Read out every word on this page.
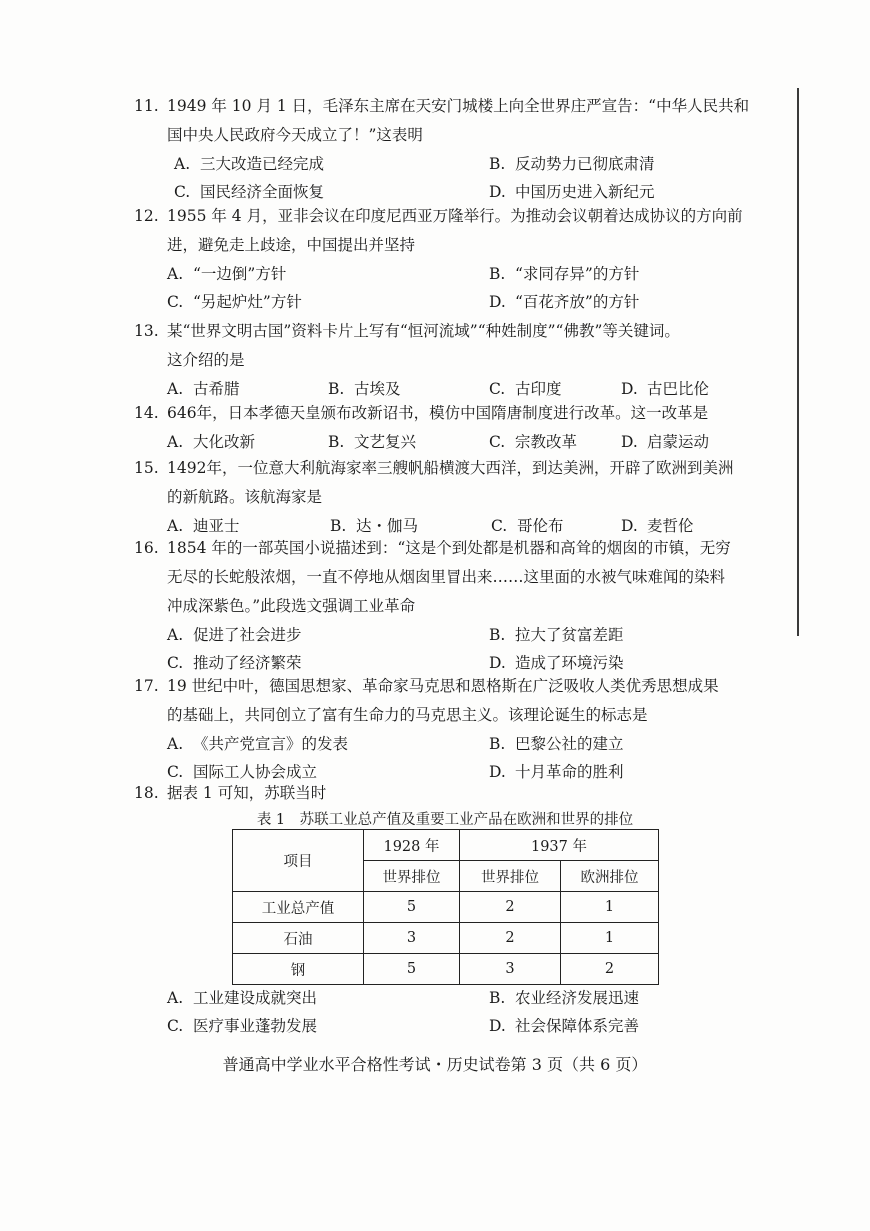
11. 1949 年 10 月 1 日，毛泽东主席在天安门城楼上向全世界庄严宣告：“中华人民共和
国中央人民政府今天成立了！”这表明
A. 三大改造已经完成	B. 反动势力已彻底肃清
C. 国民经济全面恢复	D. 中国历史进入新纪元
12. 1955 年 4 月，亚非会议在印度尼西亚万隆举行。为推动会议朝着达成协议的方向前
进，避免走上歧途，中国提出并坚持
A. “一边倒”方针	B. “求同存异”的方针
C. “另起炉灶”方针	D. “百花齐放”的方针
13. 某“世界文明古国”资料卡片上写有“恒河流域”“种姓制度”“佛教”等关键词。
这介绍的是
A. 古希腊	B. 古埃及	C. 古印度	D. 古巴比伦
14. 646年，日本孝德天皇颁布改新诏书，模仿中国隋唐制度进行改革。这一改革是
A. 大化改新	B. 文艺复兴	C. 宗教改革	D. 启蒙运动
15. 1492年，一位意大利航海家率三艘帆船横渡大西洋，到达美洲，开辟了欧洲到美洲
的新航路。该航海家是
A. 迪亚士	B. 达・伽马	C. 哥伦布	D. 麦哲伦
16. 1854 年的一部英国小说描述到：“这是个到处都是机器和高耸的烟囱的市镇，无穷
无尽的长蛇般浓烟，一直不停地从烟囱里冒出来……这里面的水被气味难闻的染料
冲成深紫色。”此段选文强调工业革命
A. 促进了社会进步	B. 拉大了贫富差距
C. 推动了经济繁荣	D. 造成了环境污染
17. 19 世纪中叶，德国思想家、革命家马克思和恩格斯在广泛吸收人类优秀思想成果
的基础上，共同创立了富有生命力的马克思主义。该理论诞生的标志是
A. 《共产党宣言》的发表	B. 巴黎公社的建立
C. 国际工人协会成立	D. 十月革命的胜利
18. 据表 1 可知，苏联当时
表 1　苏联工业总产值及重要工业产品在欧洲和世界的排位
项目	1928 年	1937 年	
	世界排位	世界排位	欧洲排位
工业总产值	5	2	1
石油	3	2	1
钢	5	3	2
A. 工业建设成就突出	B. 农业经济发展迅速
C. 医疗事业蓬勃发展	D. 社会保障体系完善
普通高中学业水平合格性考试・历史试卷第 3 页（共 6 页）
